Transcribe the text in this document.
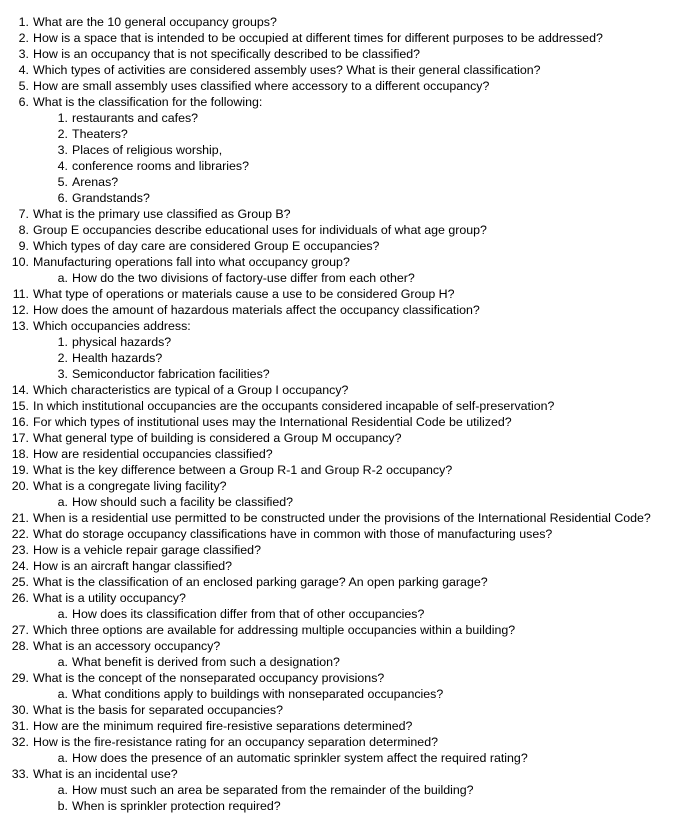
1. What are the 10 general occupancy groups?
2. How is a space that is intended to be occupied at different times for different purposes to be addressed?
3. How is an occupancy that is not specifically described to be classified?
4. Which types of activities are considered assembly uses? What is their general classification?
5. How are small assembly uses classified where accessory to a different occupancy?
6. What is the classification for the following:
1. restaurants and cafes?
2. Theaters?
3. Places of religious worship,
4. conference rooms and libraries?
5. Arenas?
6. Grandstands?
7. What is the primary use classified as Group B?
8. Group E occupancies describe educational uses for individuals of what age group?
9. Which types of day care are considered Group E occupancies?
10. Manufacturing operations fall into what occupancy group?
a. How do the two divisions of factory-use differ from each other?
11. What type of operations or materials cause a use to be considered Group H?
12. How does the amount of hazardous materials affect the occupancy classification?
13. Which occupancies address:
1. physical hazards?
2. Health hazards?
3. Semiconductor fabrication facilities?
14. Which characteristics are typical of a Group I occupancy?
15. In which institutional occupancies are the occupants considered incapable of self-preservation?
16. For which types of institutional uses may the International Residential Code be utilized?
17. What general type of building is considered a Group M occupancy?
18. How are residential occupancies classified?
19. What is the key difference between a Group R-1 and Group R-2 occupancy?
20. What is a congregate living facility?
a. How should such a facility be classified?
21. When is a residential use permitted to be constructed under the provisions of the International Residential Code?
22. What do storage occupancy classifications have in common with those of manufacturing uses?
23. How is a vehicle repair garage classified?
24. How is an aircraft hangar classified?
25. What is the classification of an enclosed parking garage? An open parking garage?
26. What is a utility occupancy?
a. How does its classification differ from that of other occupancies?
27. Which three options are available for addressing multiple occupancies within a building?
28. What is an accessory occupancy?
a. What benefit is derived from such a designation?
29. What is the concept of the nonseparated occupancy provisions?
a. What conditions apply to buildings with nonseparated occupancies?
30. What is the basis for separated occupancies?
31. How are the minimum required fire-resistive separations determined?
32. How is the fire-resistance rating for an occupancy separation determined?
a. How does the presence of an automatic sprinkler system affect the required rating?
33. What is an incidental use?
a. How must such an area be separated from the remainder of the building?
b. When is sprinkler protection required?
